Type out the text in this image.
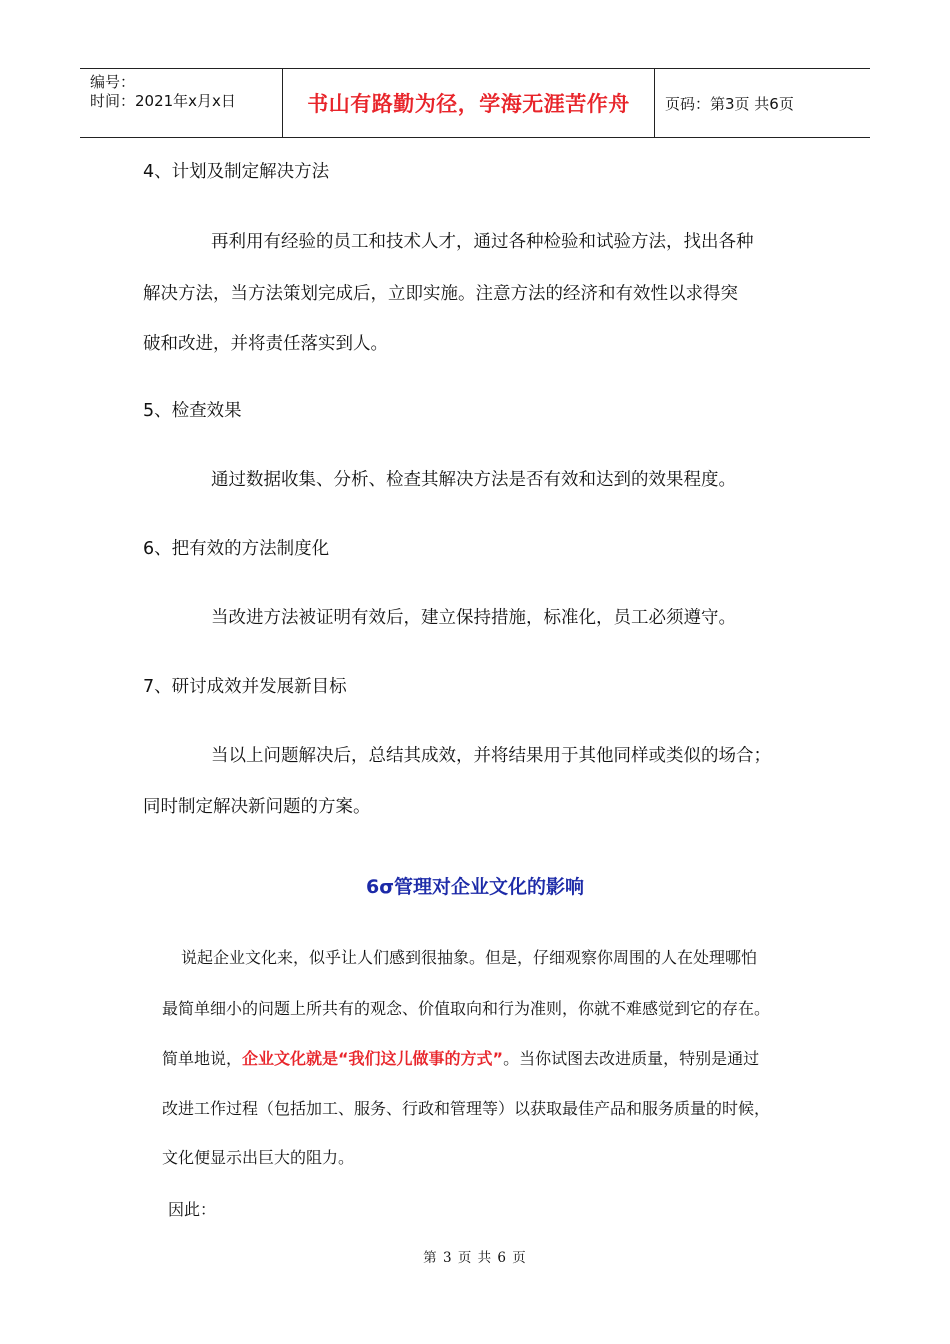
编号：
时间：2021年x月x日	书山有路勤为径，学海无涯苦作舟	页码：第3页 共6页
4、计划及制定解决方法
再利用有经验的员工和技术人才，通过各种检验和试验方法，找出各种
解决方法，当方法策划完成后，立即实施。注意方法的经济和有效性以求得突
破和改进，并将责任落实到人。
5、检查效果
通过数据收集、分析、检查其解决方法是否有效和达到的效果程度。
6、把有效的方法制度化
当改进方法被证明有效后，建立保持措施，标准化，员工必须遵守。
7、研讨成效并发展新目标
当以上问题解决后，总结其成效，并将结果用于其他同样或类似的场合；
同时制定解决新问题的方案。
6σ管理对企业文化的影响
说起企业文化来，似乎让人们感到很抽象。但是，仔细观察你周围的人在处理哪怕
最简单细小的问题上所共有的观念、价值取向和行为准则，你就不难感觉到它的存在。
简单地说，企业文化就是“我们这儿做事的方式”。当你试图去改进质量，特别是通过
改进工作过程（包括加工、服务、行政和管理等）以获取最佳产品和服务质量的时候，
文化便显示出巨大的阻力。
因此：
第 3 页 共 6 页
